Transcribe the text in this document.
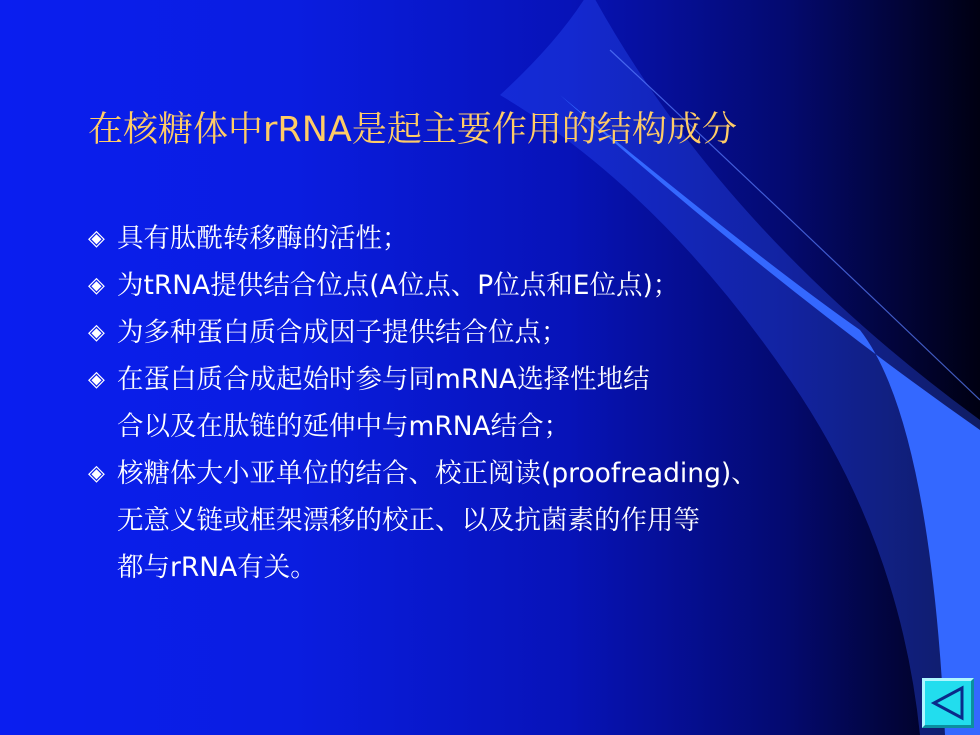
在核糖体中rRNA是起主要作用的结构成分
◈ 具有肽酰转移酶的活性；
◈ 为tRNA提供结合位点(A位点、P位点和E位点)；
◈ 为多种蛋白质合成因子提供结合位点；
◈ 在蛋白质合成起始时参与同mRNA选择性地结
合以及在肽链的延伸中与mRNA结合；
◈ 核糖体大小亚单位的结合、校正阅读(proofreading)、
无意义链或框架漂移的校正、以及抗菌素的作用等
都与rRNA有关。
